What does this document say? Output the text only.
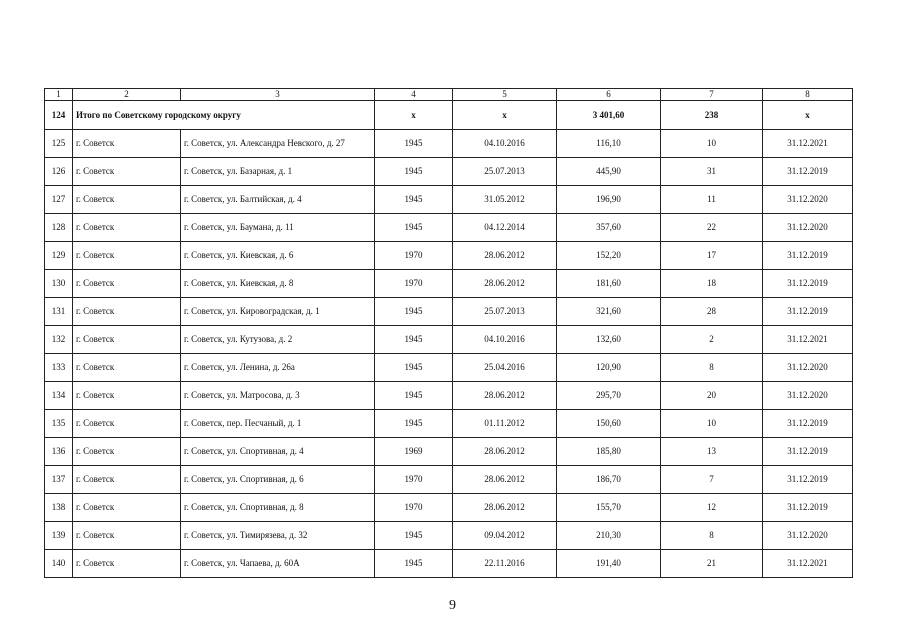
1	2	3	4	5	6	7	8
124	Итого по Советскому городскому округу		х	х	3 401,60	238	х
125	г. Советск	г. Советск, ул. Александра Невского, д. 27	1945	04.10.2016	116,10	10	31.12.2021
126	г. Советск	г. Советск, ул. Базарная, д. 1	1945	25.07.2013	445,90	31	31.12.2019
127	г. Советск	г. Советск, ул. Балтийская, д. 4	1945	31.05.2012	196,90	11	31.12.2020
128	г. Советск	г. Советск, ул. Баумана, д. 11	1945	04.12.2014	357,60	22	31.12.2020
129	г. Советск	г. Советск, ул. Киевская, д. 6	1970	28.06.2012	152,20	17	31.12.2019
130	г. Советск	г. Советск, ул. Киевская, д. 8	1970	28.06.2012	181,60	18	31.12.2019
131	г. Советск	г. Советск, ул. Кировоградская, д. 1	1945	25.07.2013	321,60	28	31.12.2019
132	г. Советск	г. Советск, ул. Кутузова, д. 2	1945	04.10.2016	132,60	2	31.12.2021
133	г. Советск	г. Советск, ул. Ленина, д. 26а	1945	25.04.2016	120,90	8	31.12.2020
134	г. Советск	г. Советск, ул. Матросова, д. 3	1945	28.06.2012	295,70	20	31.12.2020
135	г. Советск	г. Советск, пер. Песчаный, д. 1	1945	01.11.2012	150,60	10	31.12.2019
136	г. Советск	г. Советск, ул. Спортивная, д. 4	1969	28.06.2012	185,80	13	31.12.2019
137	г. Советск	г. Советск, ул. Спортивная, д. 6	1970	28.06.2012	186,70	7	31.12.2019
138	г. Советск	г. Советск, ул. Спортивная, д. 8	1970	28.06.2012	155,70	12	31.12.2019
139	г. Советск	г. Советск, ул. Тимирязева, д. 32	1945	09.04.2012	210,30	8	31.12.2020
140	г. Советск	г. Советск, ул. Чапаева, д. 60А	1945	22.11.2016	191,40	21	31.12.2021
9
